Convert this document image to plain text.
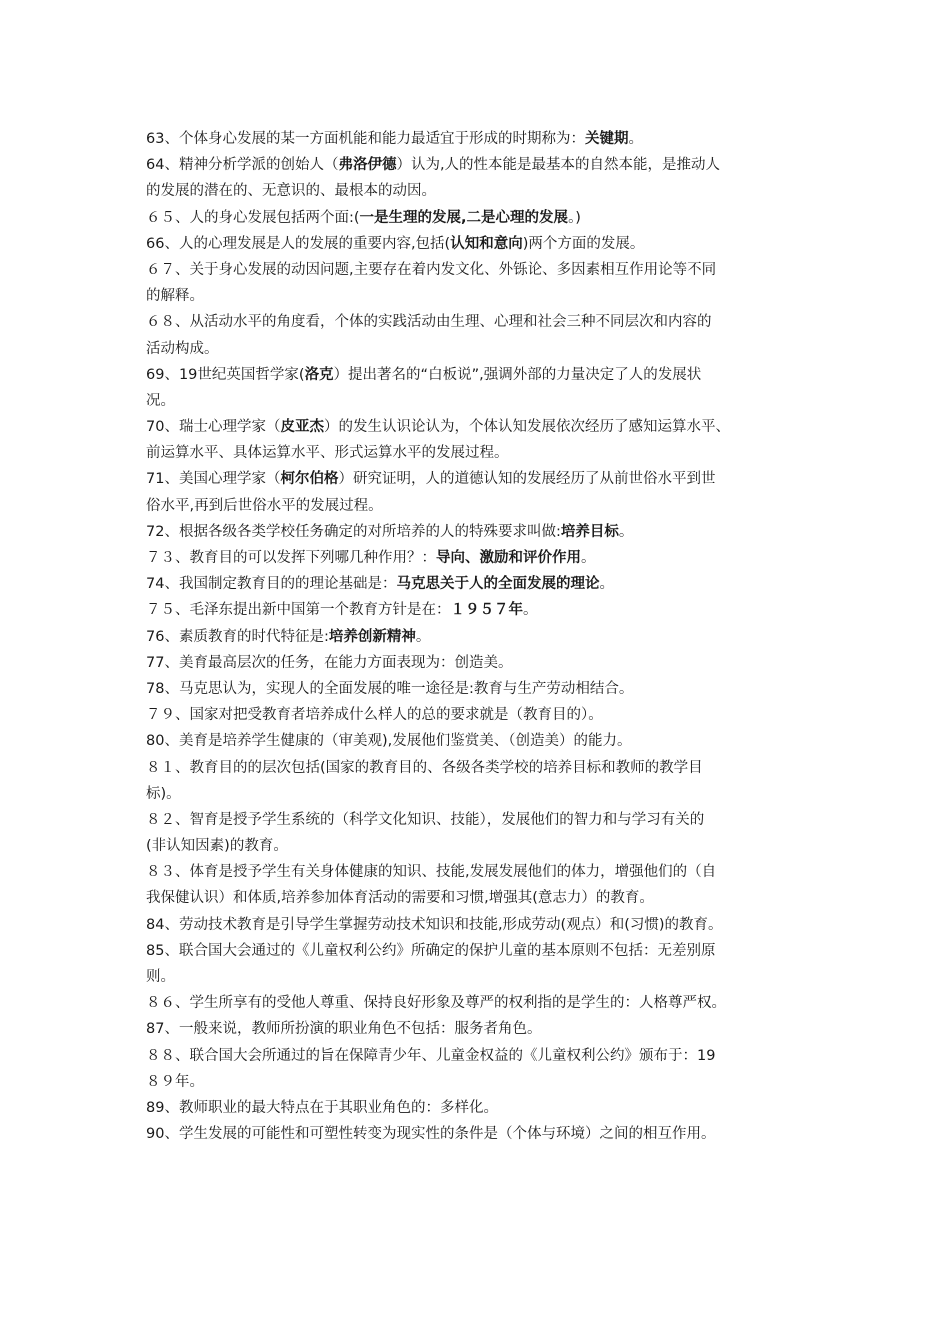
63、个体身心发展的某一方面机能和能力最适宜于形成的时期称为：关键期。
64、精神分析学派的创始人（弗洛伊德）认为,人的性本能是最基本的自然本能，是推动人
的发展的潜在的、无意识的、最根本的动因。
６５、人的身心发展包括两个面:(一是生理的发展,二是心理的发展。)
66、人的心理发展是人的发展的重要内容,包括(认知和意向)两个方面的发展。
６７、关于身心发展的动因问题,主要存在着内发文化、外铄论、多因素相互作用论等不同
的解释。
６８、从活动水平的角度看，个体的实践活动由生理、心理和社会三种不同层次和内容的
活动构成。
69、19世纪英国哲学家(洛克）提出著名的“白板说”,强调外部的力量决定了人的发展状
况。
70、瑞士心理学家（皮亚杰）的发生认识论认为，个体认知发展依次经历了感知运算水平、
前运算水平、具体运算水平、形式运算水平的发展过程。
71、美国心理学家（柯尔伯格）研究证明，人的道德认知的发展经历了从前世俗水平到世
俗水平,再到后世俗水平的发展过程。
72、根据各级各类学校任务确定的对所培养的人的特殊要求叫做:培养目标。
７３、教育目的可以发挥下列哪几种作用？：导向、激励和评价作用。
74、我国制定教育目的的理论基础是：马克思关于人的全面发展的理论。
７５、毛泽东提出新中国第一个教育方针是在：１９５７年。
76、素质教育的时代特征是:培养创新精神。
77、美育最高层次的任务，在能力方面表现为：创造美。
78、马克思认为，实现人的全面发展的唯一途径是:教育与生产劳动相结合。
７９、国家对把受教育者培养成什么样人的总的要求就是（教育目的）。
80、美育是培养学生健康的（审美观),发展他们鉴赏美、（创造美）的能力。
８１、教育目的的层次包括(国家的教育目的、各级各类学校的培养目标和教师的教学目
标)。
８２、智育是授予学生系统的（科学文化知识、技能），发展他们的智力和与学习有关的
(非认知因素)的教育。
８３、体育是授予学生有关身体健康的知识、技能,发展发展他们的体力，增强他们的（自
我保健认识）和体质,培养参加体育活动的需要和习惯,增强其(意志力）的教育。
84、劳动技术教育是引导学生掌握劳动技术知识和技能,形成劳动(观点）和(习惯)的教育。
85、联合国大会通过的《儿童权利公约》所确定的保护儿童的基本原则不包括：无差别原
则。
８６、学生所享有的受他人尊重、保持良好形象及尊严的权利指的是学生的：人格尊严权。
87、一般来说，教师所扮演的职业角色不包括：服务者角色。
８８、联合国大会所通过的旨在保障青少年、儿童金权益的《儿童权利公约》颁布于：19
８９年。
89、教师职业的最大特点在于其职业角色的：多样化。
90、学生发展的可能性和可塑性转变为现实性的条件是（个体与环境）之间的相互作用。
